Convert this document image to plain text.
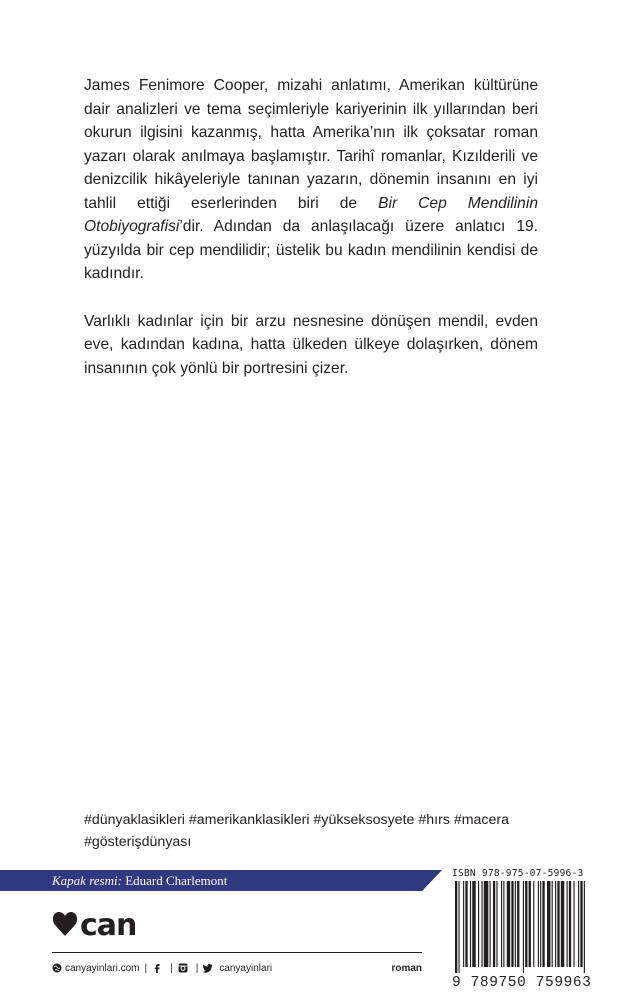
James Fenimore Cooper, mizahi anlatımı, Amerikan kültürüne dair analizleri ve tema seçimleriyle kariyerinin ilk yıllarından beri okurun ilgisini kazanmış, hatta Amerika’nın ilk çoksatar roman yazarı olarak anılmaya başlamıştır. Tarihî romanlar, Kızılderili ve denizcilik hikâyeleriyle tanınan yazarın, dönemin insanını en iyi tahlil ettiği eserlerinden biri de Bir Cep Mendilinin Otobiyografisi’dir. Adından da anlaşılacağı üzere anlatıcı 19. yüzyılda bir cep mendilidir; üstelik bu kadın mendilinin kendisi de kadındır.

Varlıklı kadınlar için bir arzu nesnesine dönüşen mendil, evden eve, kadından kadına, hatta ülkeden ülkeye dolaşırken, dönem insanının çok yönlü bir portresini çizer.

#dünyaklasikleri #amerikanklasikleri #yükseksosyete #hırs #macera #gösterişdünyası
Kapak resmi: Eduard Charlemont
can
canyayinlari.com | | | canyayinlari	roman
ISBN 978-975-07-5996-3
9 789750 759963
